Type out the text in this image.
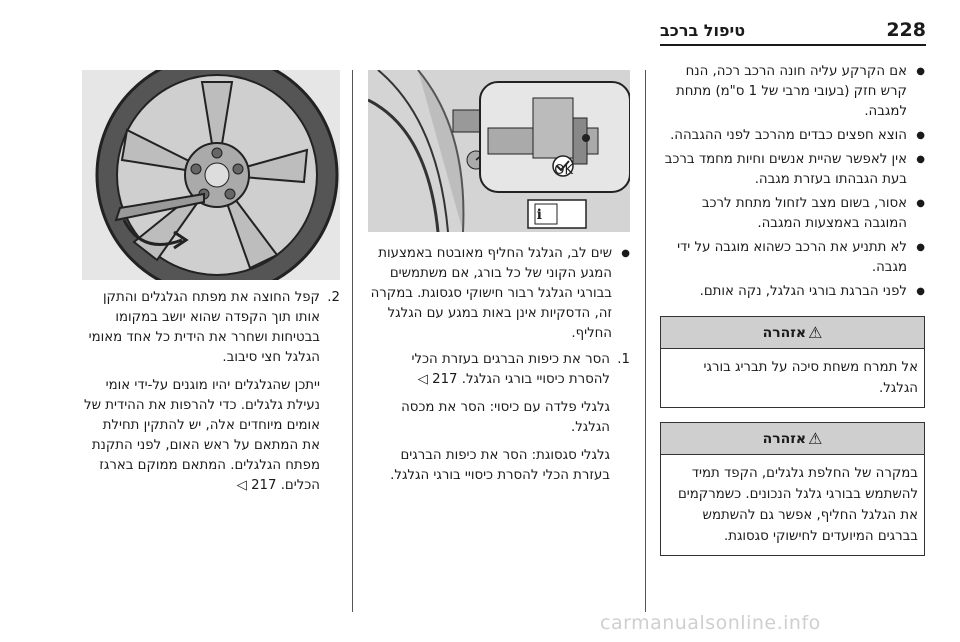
228
טיפול ברכב
● אם הקרקע עליה חונה הרכב רכה, הנח קרש חזק (בעובי מרבי של 1 ס"מ) מתחת למגבה.
● הוצא חפצים כבדים מהרכב לפני ההגבהה.
● אין לאפשר שהיית אנשים וחיות מחמד ברכב בעת הגבהתו בעזרת מגבה.
● אסור, בשום מצב לזחול מתחת לרכב המוגבה באמצעות המגבה.
● לא תתניע את הרכב כשהוא מוגבה על ידי מגבה.
● לפני הברגת בורגי הגלגל, נקה אותם.
⚠
אזהרה
אל תמרח משחת סיכה על תבריג בורגי הגלגל.
⚠
אזהרה
במקרה של החלפת גלגלים, הקפד תמיד להשתמש בבורגי גלגל הנכונים. כשמרקמים את הגלגל החליף, אפשר גם להשתמש בברגים המיועדים לחישוקי סגסוגת.
OK
i
● שים לב, הגלגל החליף מאובטח באמצעות המגע הקוני של כל בורג, אם משתמשים בבורגי הגלגל רבור חישוקי סגסוגת. במקרה זה, הדסקיות אינן באות במגע עם הגלגל החליף.
1.
הסר את כיפות הברגים בעזרת הכלי להסרת כיסויי בורגי הגלגל. 217 ◁
גלגלי פלדה עם כיסוי: הסר את מכסה הגלגל.
גלגלי סגסוגת: הסר את כיפות הברגים בעזרת הכלי להסרת כיסויי בורגי הגלגל.
2.
קפל החוצה את מפתח הגלגלים והתקן אותו תוך הקפדה שהוא יושב במקומו בבטיחות ושחרר את הידית כל אחד מאומי הגלגל חצי סיבוב.
ייתכן שהגלגלים יהיו מוגנים על-ידי אומי נעילת גלגלים. כדי להרפות את ההידית של אומים מיוחדים אלה, יש להתקין תחילת את המתאם על ראש האום, לפני התקנת מפתח הגלגלים. המתאם ממוקם בארגז הכלים. 217 ◁
carmanualsonline.info
